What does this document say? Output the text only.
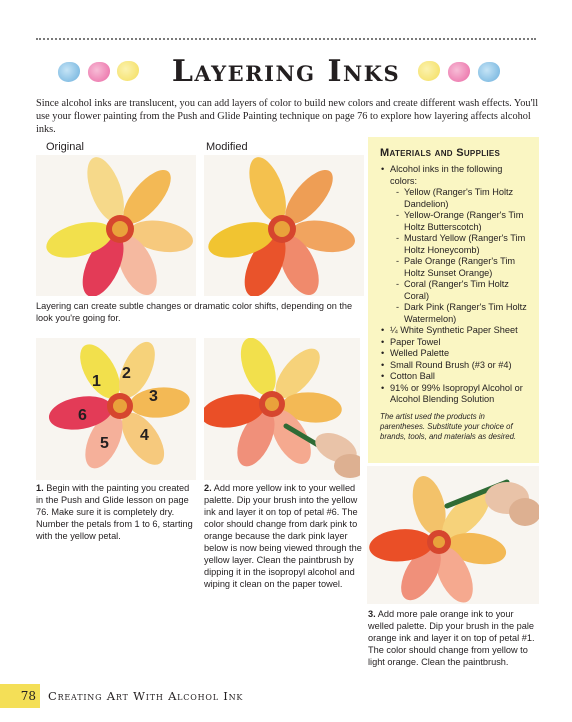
Layering Inks

Since alcohol inks are translucent, you can add layers of color to build new colors and create different wash effects. You'll use your flower painting from the Push and Glide Painting technique on page 76 to explore how layering affects alcohol inks.

Original	Modified

Layering can create subtle changes or dramatic color shifts, depending on the look you're going for.

Materials and Supplies
• Alcohol inks in the following colors:
- Yellow (Ranger's Tim Holtz Dandelion)
- Yellow-Orange (Ranger's Tim Holtz Butterscotch)
- Mustard Yellow (Ranger's Tim Holtz Honeycomb)
- Pale Orange (Ranger's Tim Holtz Sunset Orange)
- Coral (Ranger's Tim Holtz Coral)
- Dark Pink (Ranger's Tim Holtz Watermelon)
• ¼ White Synthetic Paper Sheet
• Paper Towel
• Welled Palette
• Small Round Brush (#3 or #4)
• Cotton Ball
• 91% or 99% Isopropyl Alcohol or Alcohol Blending Solution
The artist used the products in parentheses. Substitute your choice of brands, tools, and materials as desired.
1 2
3
4
5
6

1. Begin with the painting you created in the Push and Glide lesson on page 76. Make sure it is completely dry. Number the petals from 1 to 6, starting with the yellow petal.

2. Add more yellow ink to your welled palette. Dip your brush into the yellow ink and layer it on top of petal #6. The color should change from dark pink to orange because the dark pink layer below is now being viewed through the yellow layer. Clean the paintbrush by dipping it in the isopropyl alcohol and wiping it clean on the paper towel.

3. Add more pale orange ink to your welled palette. Dip your brush in the pale orange ink and layer it on top of petal #1. The color should change from yellow to light orange. Clean the paintbrush.

78	Creating Art With Alcohol Ink
